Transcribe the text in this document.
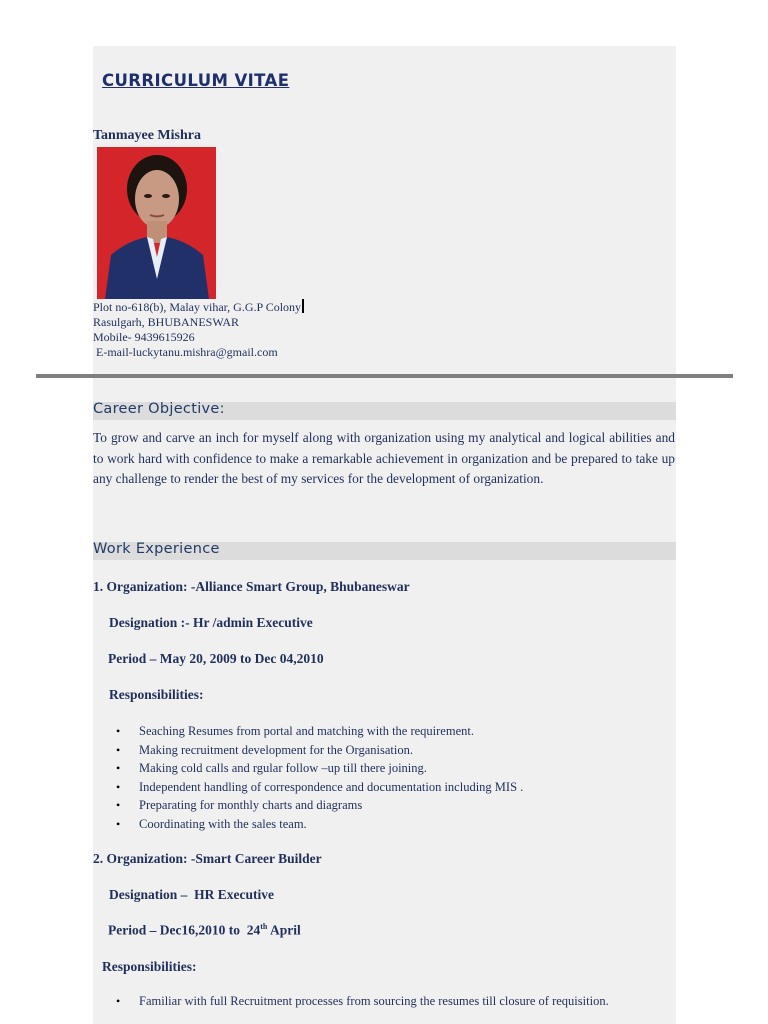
CURRICULUM VITAE
Tanmayee Mishra
Plot no-618(b), Malay vihar, G.G.P Colony
Rasulgarh, BHUBANESWAR
Mobile- 9439615926
E-mail-luckytanu.mishra@gmail.com
Career Objective:
To grow and carve an inch for myself along with organization using my analytical and logical abilities and to work hard with confidence to make a remarkable achievement in organization and be prepared to take up any challenge to render the best of my services for the development of organization.
Work Experience
1. Organization: -Alliance Smart Group, Bhubaneswar
Designation :- Hr /admin Executive
Period – May 20, 2009 to Dec 04,2010
Responsibilities:
• Seaching Resumes from portal and matching with the requirement.
• Making recruitment development for the Organisation.
• Making cold calls and rgular follow –up till there joining.
• Independent handling of correspondence and documentation including MIS .
• Preparating for monthly charts and diagrams
• Coordinating with the sales team.
2. Organization: -Smart Career Builder
Designation –  HR Executive
Period – Dec16,2010 to  24th April
Responsibilities:
• Familiar with full Recruitment processes from sourcing the resumes till closure of requisition.
